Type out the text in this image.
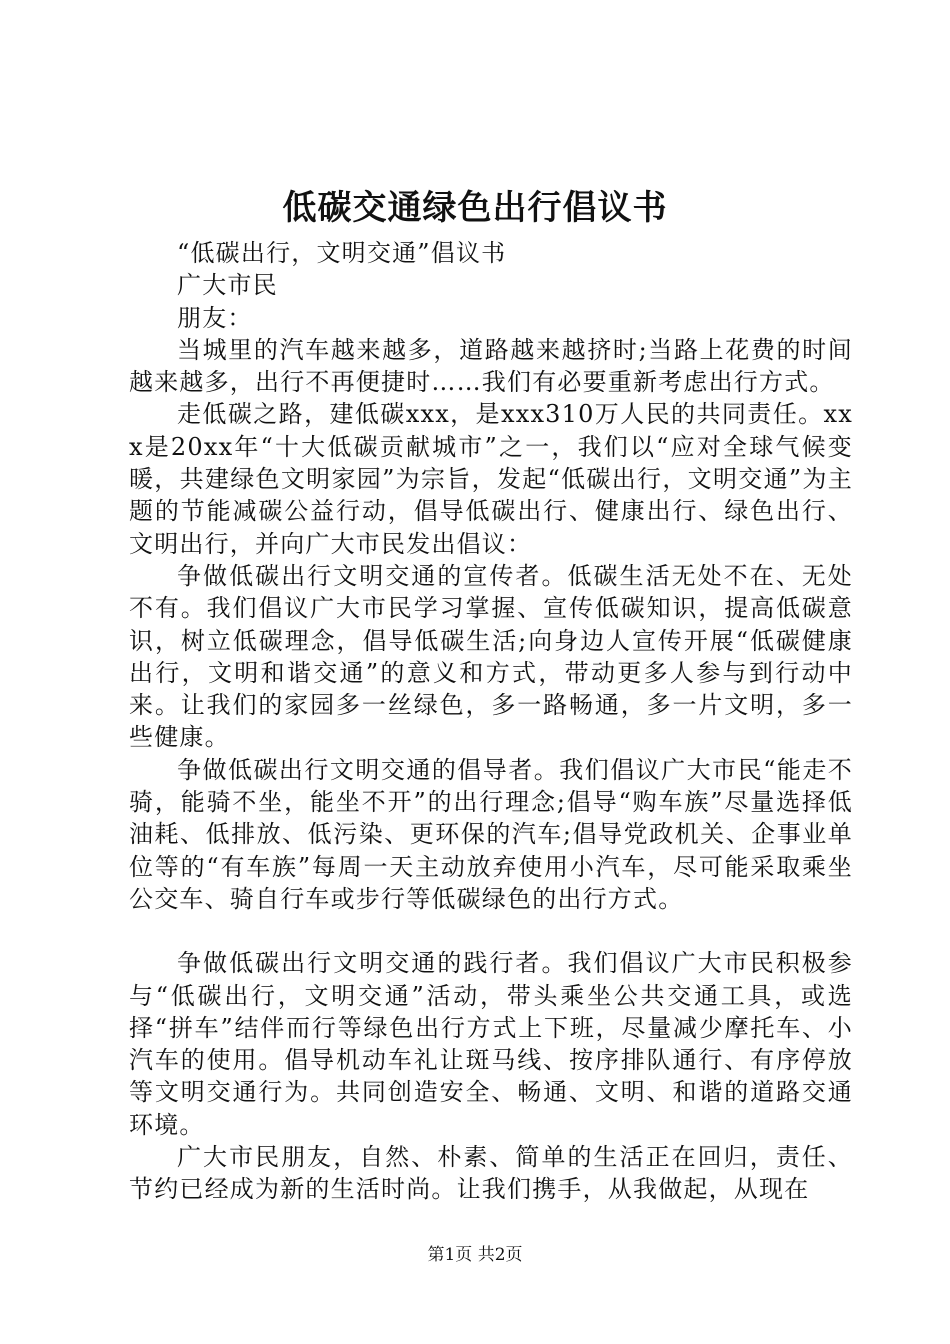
低碳交通绿色出行倡议书

“低碳出行，文明交通”倡议书

广大市民

朋友：

当城里的汽车越来越多，道路越来越挤时;当路上花费的时间越来越多，出行不再便捷时……我们有必要重新考虑出行方式。

走低碳之路，建低碳xxx，是xxx310万人民的共同责任。xxx是20xx年“十大低碳贡献城市”之一，我们以“应对全球气候变暖，共建绿色文明家园”为宗旨，发起“低碳出行，文明交通”为主题的节能减碳公益行动，倡导低碳出行、健康出行、绿色出行、文明出行，并向广大市民发出倡议：

争做低碳出行文明交通的宣传者。低碳生活无处不在、无处不有。我们倡议广大市民学习掌握、宣传低碳知识，提高低碳意识，树立低碳理念，倡导低碳生活;向身边人宣传开展“低碳健康出行，文明和谐交通”的意义和方式，带动更多人参与到行动中来。让我们的家园多一丝绿色，多一路畅通，多一片文明，多一些健康。

争做低碳出行文明交通的倡导者。我们倡议广大市民“能走不骑，能骑不坐，能坐不开”的出行理念;倡导“购车族”尽量选择低油耗、低排放、低污染、更环保的汽车;倡导党政机关、企事业单位等的“有车族”每周一天主动放弃使用小汽车，尽可能采取乘坐公交车、骑自行车或步行等低碳绿色的出行方式。

争做低碳出行文明交通的践行者。我们倡议广大市民积极参与“低碳出行，文明交通”活动，带头乘坐公共交通工具，或选择“拼车”结伴而行等绿色出行方式上下班，尽量减少摩托车、小汽车的使用。倡导机动车礼让斑马线、按序排队通行、有序停放等文明交通行为。共同创造安全、畅通、文明、和谐的道路交通环境。

广大市民朋友，自然、朴素、简单的生活正在回归，责任、节约已经成为新的生活时尚。让我们携手，从我做起，从现在

第1页 共2页
